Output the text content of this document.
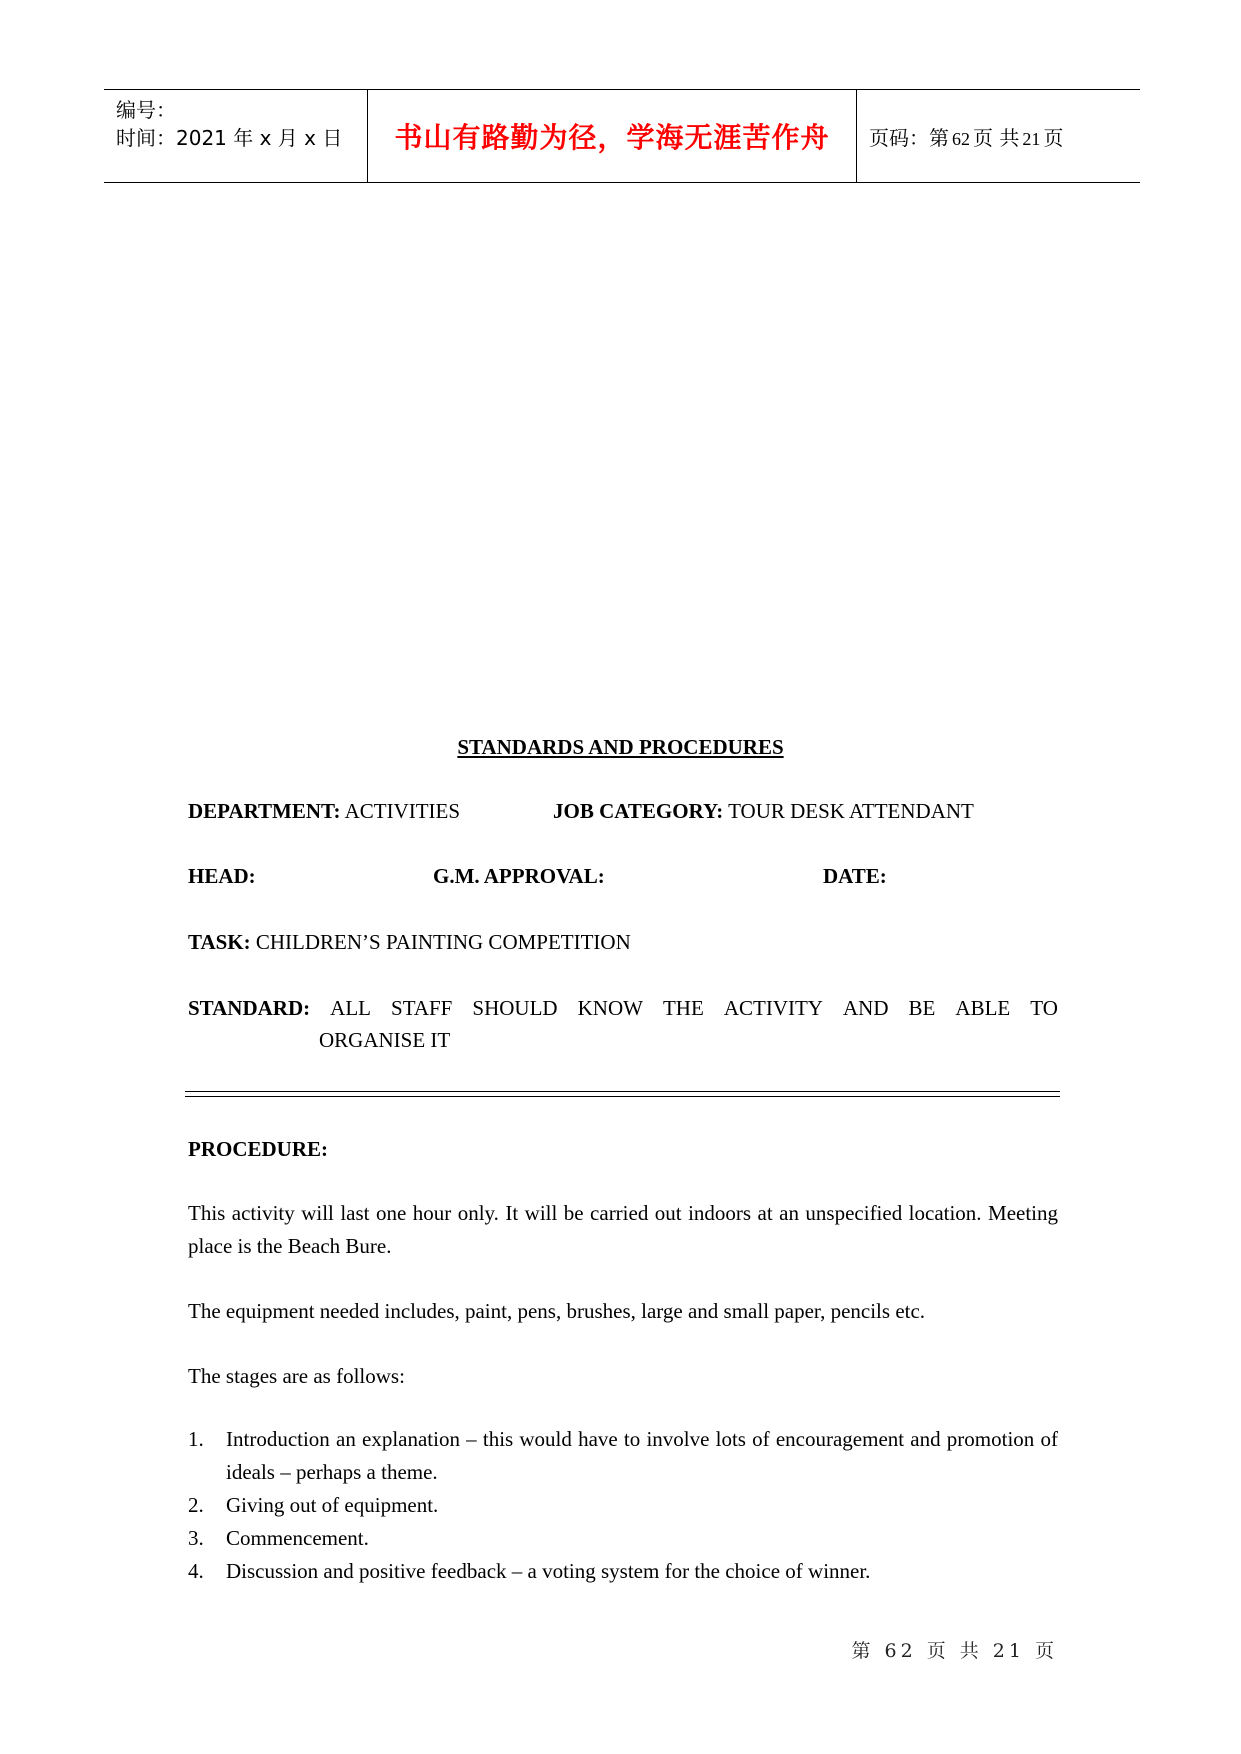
编号：
时间：2021 年 x 月 x 日 书山有路勤为径，学海无涯苦作舟 页码：第 62 页 共 21 页
STANDARDS AND PROCEDURES
DEPARTMENT: ACTIVITIES	JOB CATEGORY: TOUR DESK ATTENDANT
HEAD:	G.M. APPROVAL:	DATE:
TASK: CHILDREN’S PAINTING COMPETITION
STANDARD: ALL STAFF SHOULD KNOW THE ACTIVITY AND BE ABLE TO
ORGANISE IT
PROCEDURE:
This activity will last one hour only. It will be carried out indoors at an unspecified location. Meeting place is the Beach Bure.
The equipment needed includes, paint, pens, brushes, large and small paper, pencils etc.
The stages are as follows:
1.	Introduction an explanation – this would have to involve lots of encouragement and promotion of ideals – perhaps a theme.
2.	Giving out of equipment.
3.	Commencement.
4.	Discussion and positive feedback – a voting system for the choice of winner.
第 62 页 共 21 页
